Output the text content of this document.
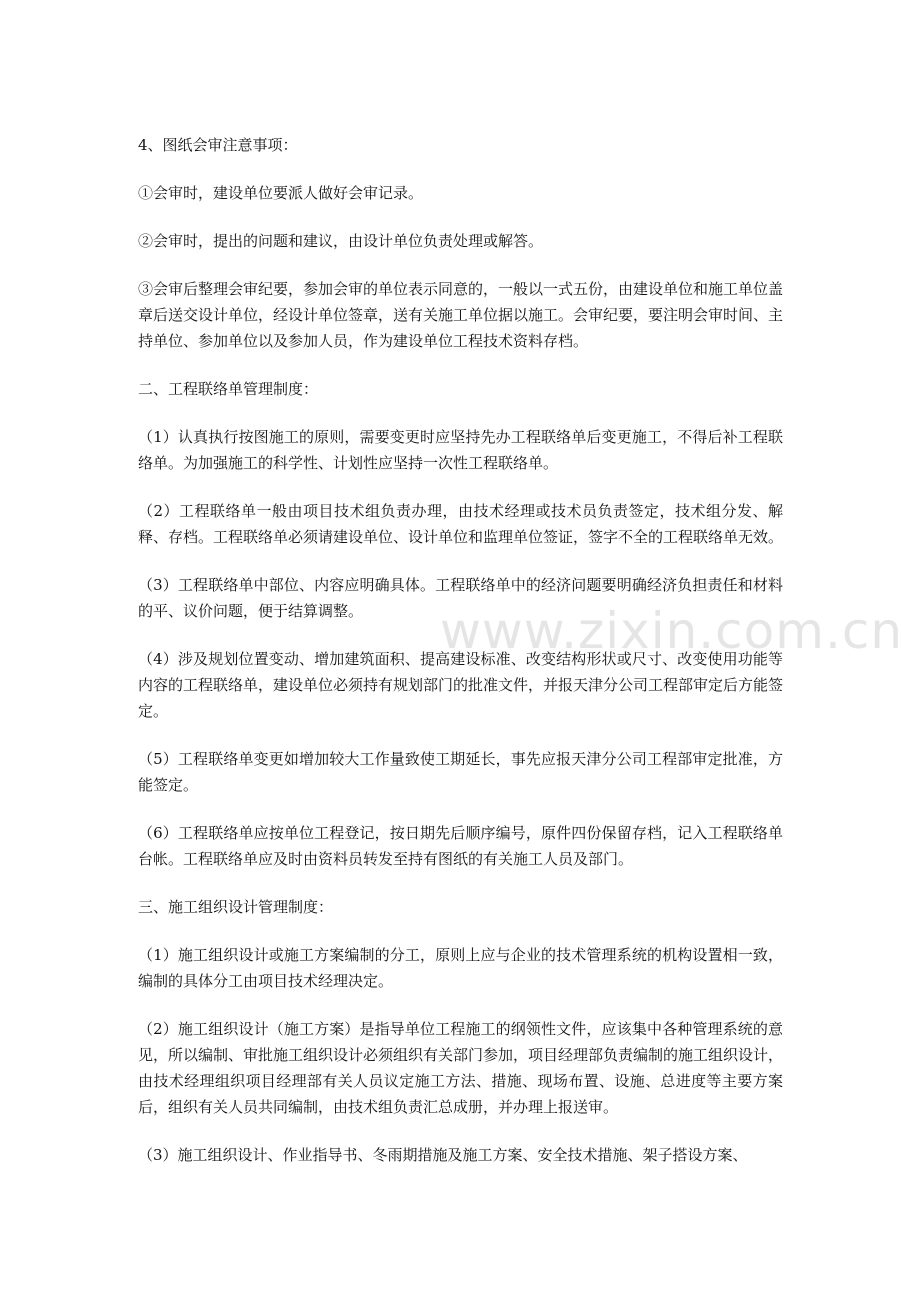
4、图纸会审注意事项：

①会审时，建设单位要派人做好会审记录。

②会审时，提出的问题和建议，由设计单位负责处理或解答。

③会审后整理会审纪要，参加会审的单位表示同意的，一般以一式五份，由建设单位和施工单位盖章后送交设计单位，经设计单位签章，送有关施工单位据以施工。会审纪要，要注明会审时间、主持单位、参加单位以及参加人员，作为建设单位工程技术资料存档。

二、工程联络单管理制度：

（1）认真执行按图施工的原则，需要变更时应坚持先办工程联络单后变更施工，不得后补工程联络单。为加强施工的科学性、计划性应坚持一次性工程联络单。

（2）工程联络单一般由项目技术组负责办理，由技术经理或技术员负责签定，技术组分发、解释、存档。工程联络单必须请建设单位、设计单位和监理单位签证，签字不全的工程联络单无效。

（3）工程联络单中部位、内容应明确具体。工程联络单中的经济问题要明确经济负担责任和材料的平、议价问题，便于结算调整。

（4）涉及规划位置变动、增加建筑面积、提高建设标准、改变结构形状或尺寸、改变使用功能等内容的工程联络单，建设单位必须持有规划部门的批准文件，并报天津分公司工程部审定后方能签定。

（5）工程联络单变更如增加较大工作量致使工期延长，事先应报天津分公司工程部审定批准，方能签定。

（6）工程联络单应按单位工程登记，按日期先后顺序编号，原件四份保留存档，记入工程联络单台帐。工程联络单应及时由资料员转发至持有图纸的有关施工人员及部门。

三、施工组织设计管理制度：

（1）施工组织设计或施工方案编制的分工，原则上应与企业的技术管理系统的机构设置相一致，编制的具体分工由项目技术经理决定。

（2）施工组织设计（施工方案）是指导单位工程施工的纲领性文件，应该集中各种管理系统的意见，所以编制、审批施工组织设计必须组织有关部门参加，项目经理部负责编制的施工组织设计，由技术经理组织项目经理部有关人员议定施工方法、措施、现场布置、设施、总进度等主要方案后，组织有关人员共同编制，由技术组负责汇总成册，并办理上报送审。

（3）施工组织设计、作业指导书、冬雨期措施及施工方案、安全技术措施、架子搭设方案、

www.zixin.com.cn
